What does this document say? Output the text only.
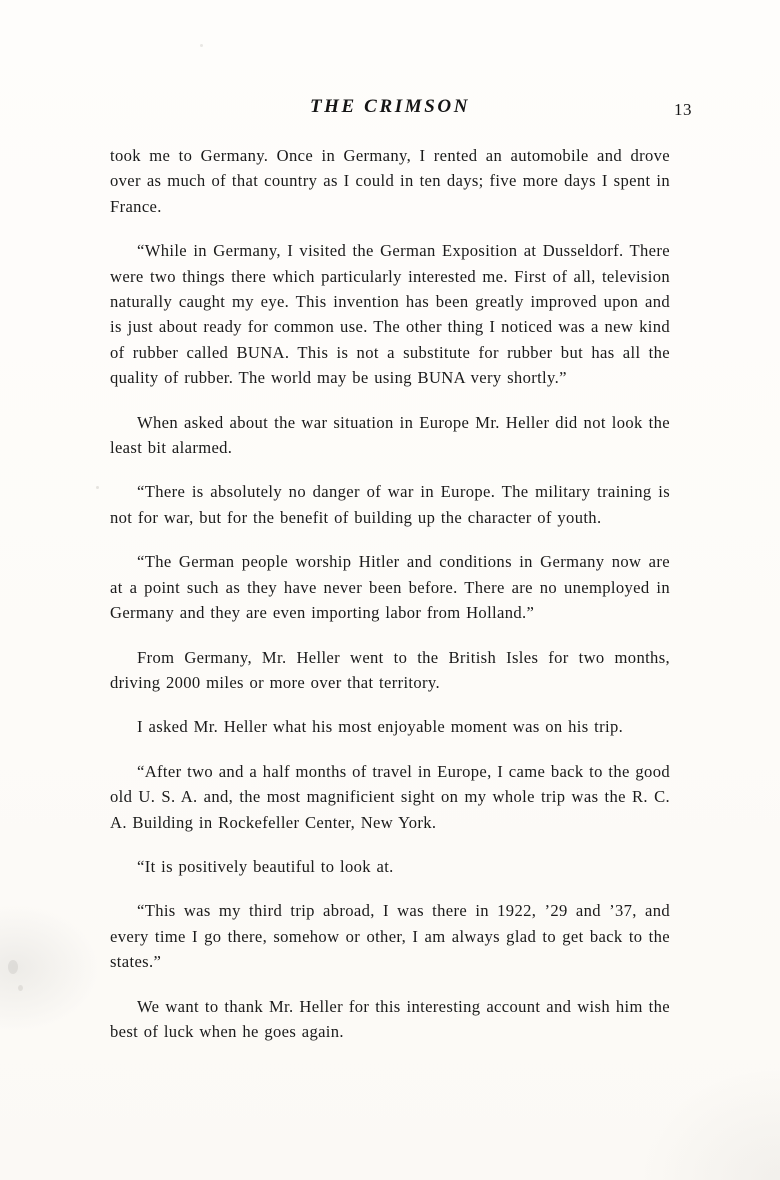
THE CRIMSON	13

took me to Germany. Once in Germany, I rented an automobile and drove over as much of that country as I could in ten days; five more days I spent in France.

“While in Germany, I visited the German Exposition at Dusseldorf. There were two things there which particularly interested me. First of all, television naturally caught my eye. This invention has been greatly improved upon and is just about ready for common use. The other thing I noticed was a new kind of rubber called BUNA. This is not a substitute for rubber but has all the quality of rubber. The world may be using BUNA very shortly.”

When asked about the war situation in Europe Mr. Heller did not look the least bit alarmed.

“There is absolutely no danger of war in Europe. The military training is not for war, but for the benefit of building up the character of youth.

“The German people worship Hitler and conditions in Germany now are at a point such as they have never been before. There are no unemployed in Germany and they are even importing labor from Holland.”

From Germany, Mr. Heller went to the British Isles for two months, driving 2000 miles or more over that territory.

I asked Mr. Heller what his most enjoyable moment was on his trip.

“After two and a half months of travel in Europe, I came back to the good old U. S. A. and, the most magnificient sight on my whole trip was the R. C. A. Building in Rockefeller Center, New York.

“It is positively beautiful to look at.

“This was my third trip abroad, I was there in 1922, ’29 and ’37, and every time I go there, somehow or other, I am always glad to get back to the states.”

We want to thank Mr. Heller for this interesting account and wish him the best of luck when he goes again.
